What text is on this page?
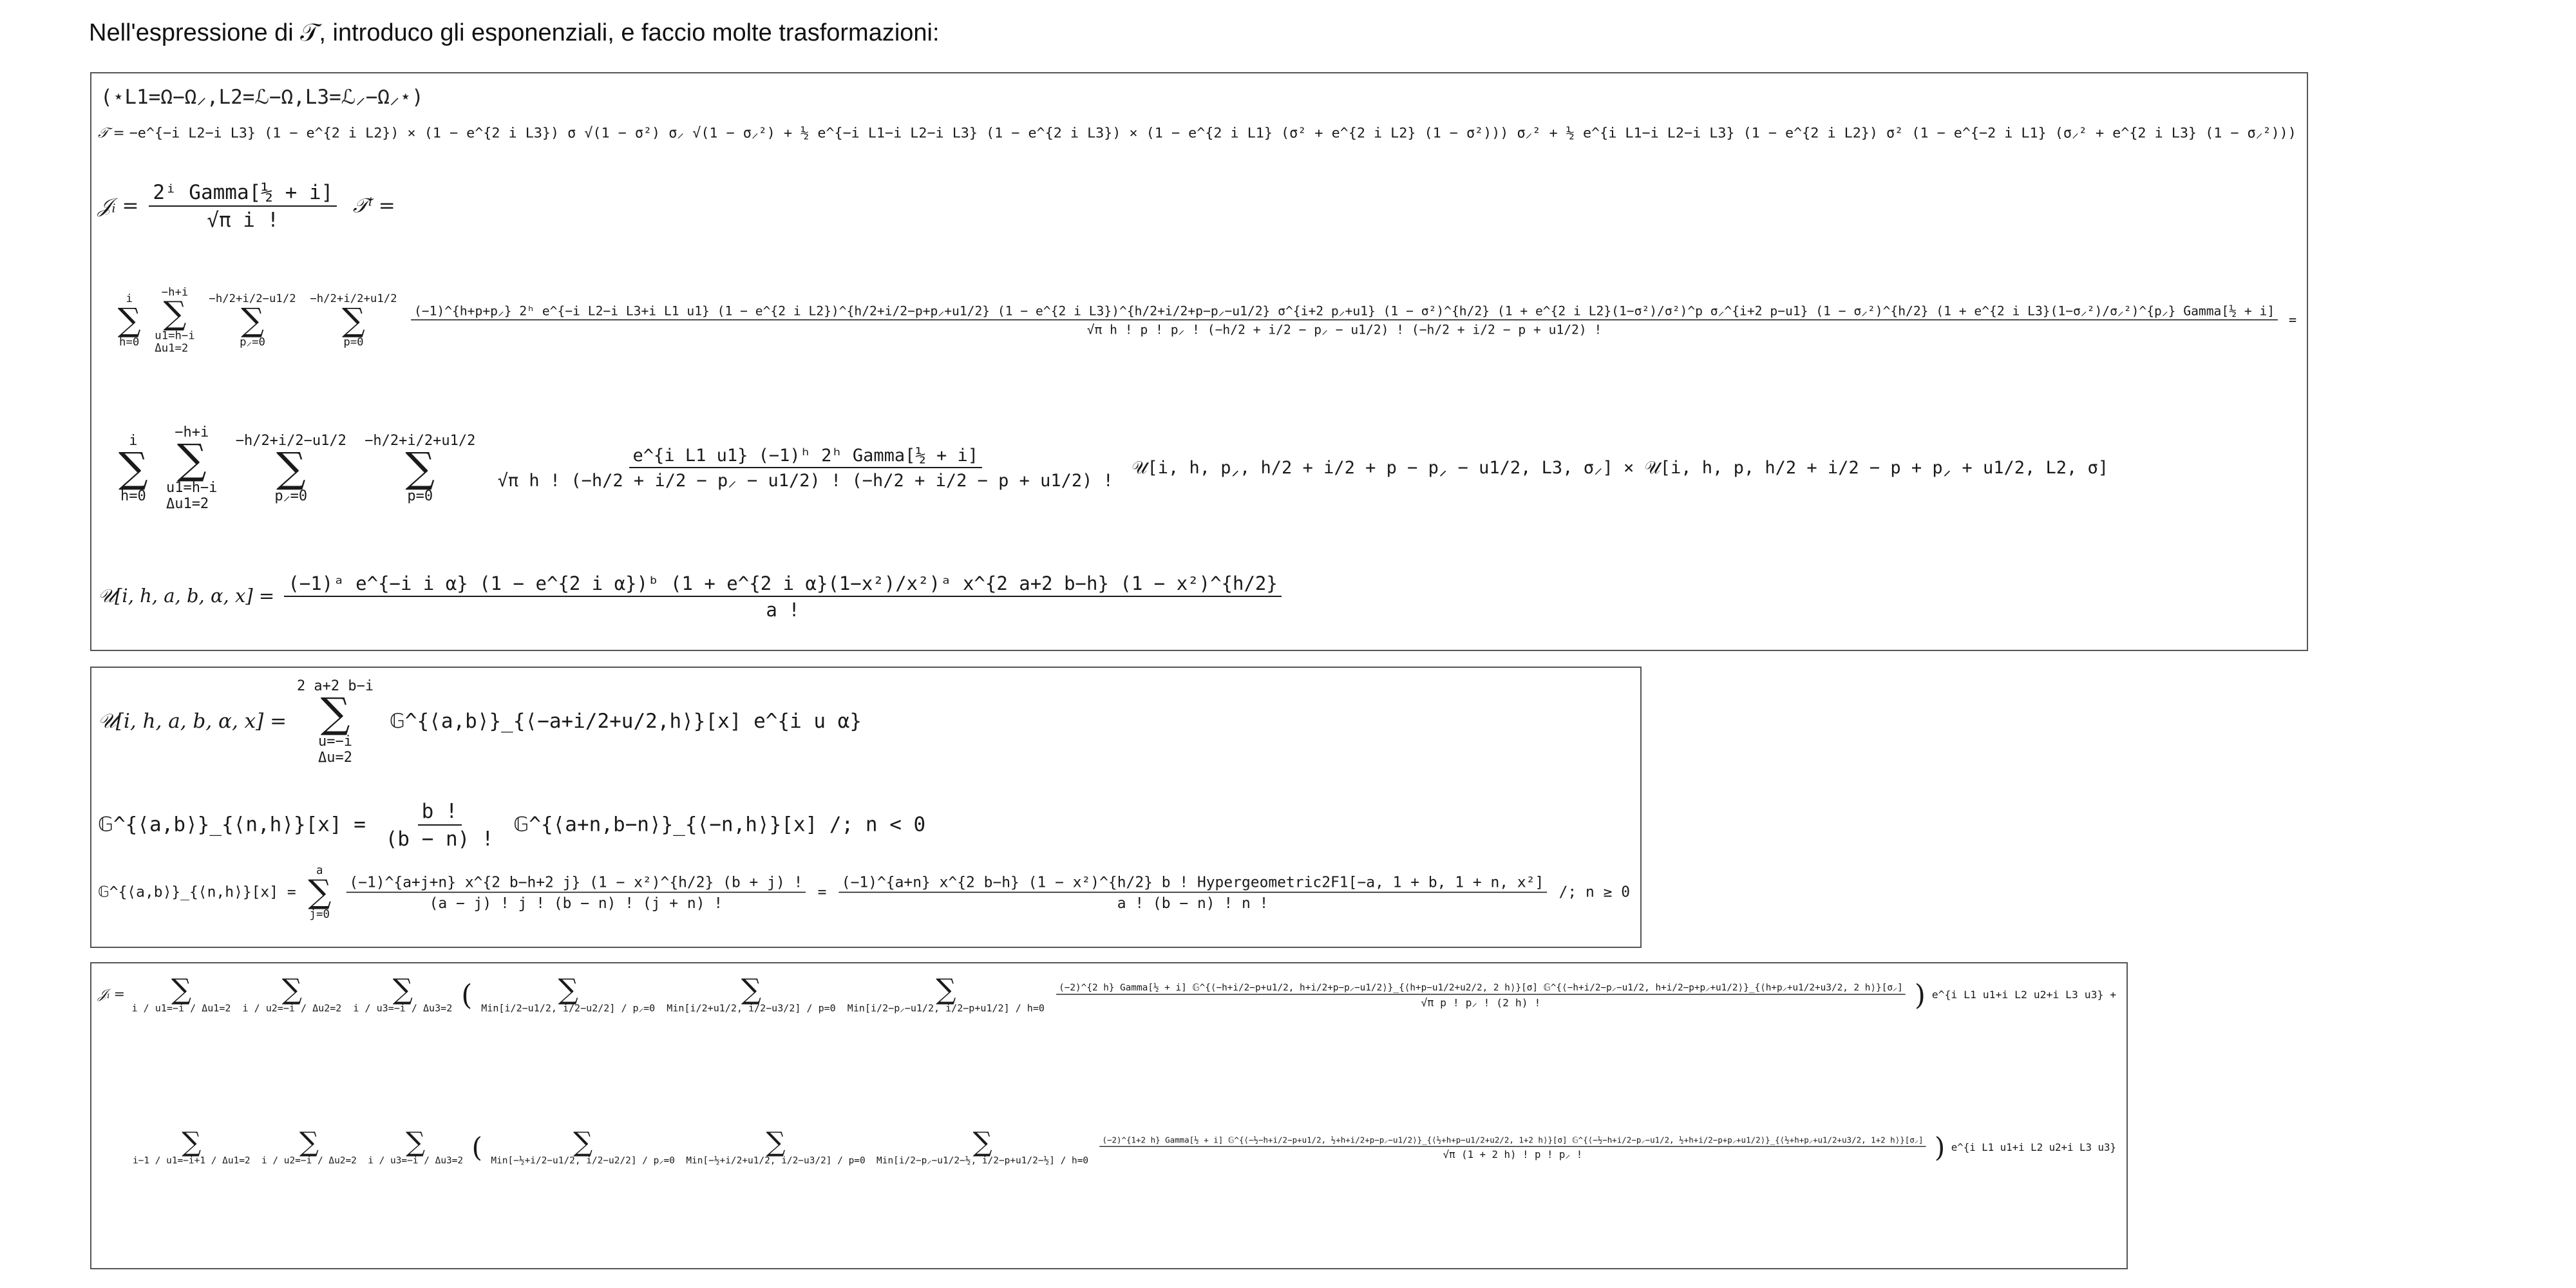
Nell'espressione di 𝒯, introduco gli esponenziali, e faccio molte trasformazioni:
(⋆L1=Ω−Ω⸝,L2=ℒ−Ω,L3=ℒ⸝−Ω⸝⋆)
𝒯 = −e^{−i L2−i L3} (1 − e^{2 i L2}) × (1 − e^{2 i L3}) σ √(1 − σ²) σ⸝ √(1 − σ⸝²) + ½ e^{−i L1−i L2−i L3} (1 − e^{2 i L3}) × (1 − e^{2 i L1} (σ² + e^{2 i L2} (1 − σ²))) σ⸝² + ½ e^{i L1−i L2−i L3} (1 − e^{2 i L2}) σ² (1 − e^{−2 i L1} (σ⸝² + e^{2 i L3} (1 − σ⸝²)))
𝒥ᵢ = $\frac{\text{2ⁱ Gamma[½ + i]}}{\text{√π i !}}$ 𝒯ⁱ =
i
∑
h=0

−h+i
∑
u1=h−i
Δu1=2

−h/2+i/2−u1/2
∑
p⸝=0

−h/2+i/2+u1/2
∑
p=0

(−1)^{h+p+p⸝} 2ʰ e^{−i L2−i L3+i L1 u1} (1 − e^{2 i L2})^{h/2+i/2−p+p⸝+u1/2} (1 − e^{2 i L3})^{h/2+i/2+p−p⸝−u1/2} σ^{i+2 p⸝+u1} (1 − σ²)^{h/2} (1 + e^{2 i L2}(1−σ²)/σ²)^p σ⸝^{i+2 p−u1} (1 − σ⸝²)^{h/2} (1 + e^{2 i L3}(1−σ⸝²)/σ⸝²)^{p⸝} Gamma[½ + i]
√π h ! p ! p⸝ ! (−h/2 + i/2 − p⸝ − u1/2) ! (−h/2 + i/2 − p + u1/2) !
=
i
∑
h=0

−h+i
∑
u1=h−i
Δu1=2

−h/2+i/2−u1/2
∑
p⸝=0

−h/2+i/2+u1/2
∑
p=0

$\frac{\text{e\textasciicircum{}\{i L1 u1\} (−1)ʰ 2ʰ Gamma[½ + i]}}{\text{√π h ! (−h/2 + i/2 − p⸝ − u1/2) ! (−h/2 + i/2 − p + u1/2) !}}$ 𝒰[i, h, p⸝, h/2 + i/2 + p − p⸝ − u1/2, L3, σ⸝] × 𝒰[i, h, p, h/2 + i/2 − p + p⸝ + u1/2, L2, σ]
𝒰[i, h, a, b, α, x] =
(−1)ᵃ e^{−i i α} (1 − e^{2 i α})ᵇ (1 + e^{2 i α}(1−x²)/x²)ᵃ x^{2 a+2 b−h} (1 − x²)^{h/2}
a !
𝒰[i, h, a, b, α, x] =
2 a+2 b−i
∑
u=−i
Δu=2
𝔾^{⟨a,b⟩}_{⟨−a+i/2+u/2,h⟩}[x] e^{i u α}
𝔾^{⟨a,b⟩}_{⟨n,h⟩}[x] = $\frac{b !}{(b - n) !}$ 𝔾^{⟨a+n,b−n⟩}_{⟨−n,h⟩}[x] /; n < 0
𝔾^{⟨a,b⟩}_{⟨n,h⟩}[x] =
a
∑
j=0

$\frac{\text{(−1)\textasciicircum{}\{a+j+n\} x\textasciicircum{}\{2 b−h+2 j\} (1 − x²)\textasciicircum{}\{h/2\} (b + j) !}}{(a - j) ! j ! (b - n) ! (j + n) !}$ =
(−1)^{a+n} x^{2 b−h} (1 − x²)^{h/2} b ! Hypergeometric2F1[−a, 1 + b, 1 + n, x²]
a ! (b − n) ! n !
/; n ≥ 0
𝒥ᵢ = ∑
i / u1=−i / Δu1=2

∑
i / u2=−i / Δu2=2

∑
i / u3=−i / Δu3=2 ( ∑
Min[i/2−u1/2, i/2−u2/2] / p⸝=0

∑
Min[i/2+u1/2, i/2−u3/2] / p=0

∑
Min[i/2−p⸝−u1/2, i/2−p+u1/2] / h=0

(−2)^{2 h} Gamma[½ + i] 𝔾^{⟨−h+i/2−p+u1/2, h+i/2+p−p⸝−u1/2⟩}_{⟨h+p−u1/2+u2/2, 2 h⟩}[σ] 𝔾^{⟨−h+i/2−p⸝−u1/2, h+i/2−p+p⸝+u1/2⟩}_{⟨h+p⸝+u1/2+u3/2, 2 h⟩}[σ⸝]
√π p ! p⸝ ! (2 h) !	) e^{i L1 u1+i L2 u2+i L3 u3} +
∑
i−1 / u1=−i+1 / Δu1=2

∑
i / u2=−i / Δu2=2

∑
i / u3=−i / Δu3=2 ( ∑
Min[−½+i/2−u1/2, i/2−u2/2] / p⸝=0

∑
Min[−½+i/2+u1/2, i/2−u3/2] / p=0

∑
Min[i/2−p⸝−u1/2−½, i/2−p+u1/2−½] / h=0

(−2)^{1+2 h} Gamma[½ + i] 𝔾^{⟨−½−h+i/2−p+u1/2, ½+h+i/2+p−p⸝−u1/2⟩}_{⟨½+h+p−u1/2+u2/2, 1+2 h⟩}[σ] 𝔾^{⟨−½−h+i/2−p⸝−u1/2, ½+h+i/2−p+p⸝+u1/2⟩}_{⟨½+h+p⸝+u1/2+u3/2, 1+2 h⟩}[σ⸝]
√π (1 + 2 h) ! p ! p⸝ !	) e^{i L1 u1+i L2 u2+i L3 u3}
